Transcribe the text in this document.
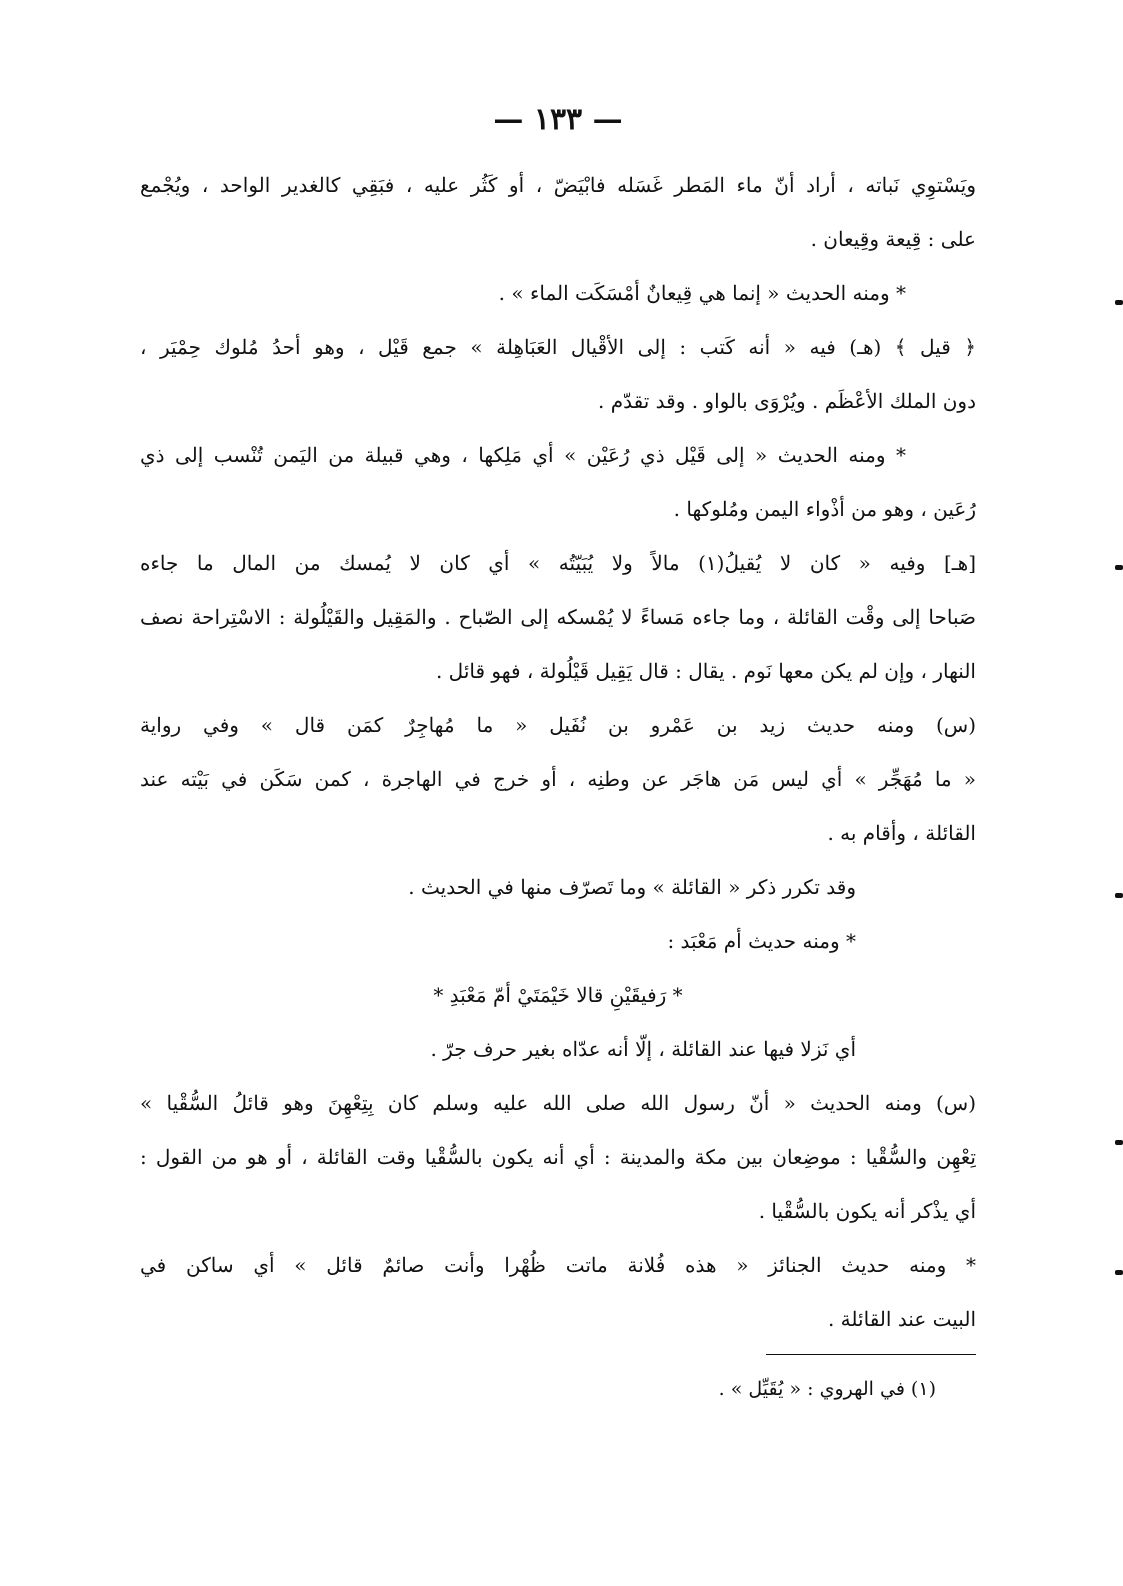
— ١٣٣ —
ويَسْتوِي نَباته ، أراد أنّ ماء المَطر غَسَله فابْيَضّ ، أو كَثُر عليه ، فبَقِي كالغدير الواحد ، ويُجْمع
على : قِيعة وقِيعان .
* ومنه الحديث « إنما هي قِيعانٌ أمْسَكَت الماء » .
﴿ قيل ﴾ (هـ) فيه « أنه كَتب : إلى الأقْيال العَبَاهِلة » جمع قَيْل ، وهو أحدُ مُلوك حِمْيَر ،
دون الملك الأعْظَم . ويُرْوَى بالواو . وقد تقدّم .
* ومنه الحديث « إلى قَيْل ذي رُعَيْن » أي مَلِكها ، وهي قبيلة من اليَمن تُنْسب إلى ذي
رُعَين ، وهو من أذْواء اليمن ومُلوكها .
[هـ] وفيه « كان لا يُقيلُ(١) مالاً ولا يُبَيّتُه » أي كان لا يُمسك من المال ما جاءه
صَباحا إلى وقْت القائلة ، وما جاءه مَساءً لا يُمْسكه إلى الصّباح . والمَقِيل والقَيْلُولة : الاسْتِراحة نصف
النهار ، وإن لم يكن معها نَوم . يقال : قال يَقِيل قَيْلُولة ، فهو قائل .
(س) ومنه حديث زيد بن عَمْرو بن نُفَيل « ما مُهاجِرٌ كمَن قال » وفي رواية
« ما مُهَجِّر » أي ليس مَن هاجَر عن وطنِه ، أو خرج في الهاجرة ، كمن سَكَن في بَيْته عند
القائلة ، وأقام به .
وقد تكرر ذكر « القائلة » وما تَصرّف منها في الحديث .
* ومنه حديث أم مَعْبَد :
* رَفيقَيْنِ قالا خَيْمَتَيْ أمّ مَعْبَدِ *
أي نَزلا فيها عند القائلة ، إلّا أنه عدّاه بغير حرف جرّ .
(س) ومنه الحديث « أنّ رسول الله صلى الله عليه وسلم كان بِتِعْهِنَ وهو قائلُ السُّقْيا »
تِعْهِن والسُّقْيا : موضِعان بين مكة والمدينة : أي أنه يكون بالسُّقْيا وقت القائلة ، أو هو من القول :
أي يذْكر أنه يكون بالسُّقْيا .
* ومنه حديث الجنائز « هذه فُلانة ماتت ظُهْرا وأنت صائمٌ قائل » أي ساكن في
البيت عند القائلة .
(١) في الهروي : « يُقَيِّل » .
